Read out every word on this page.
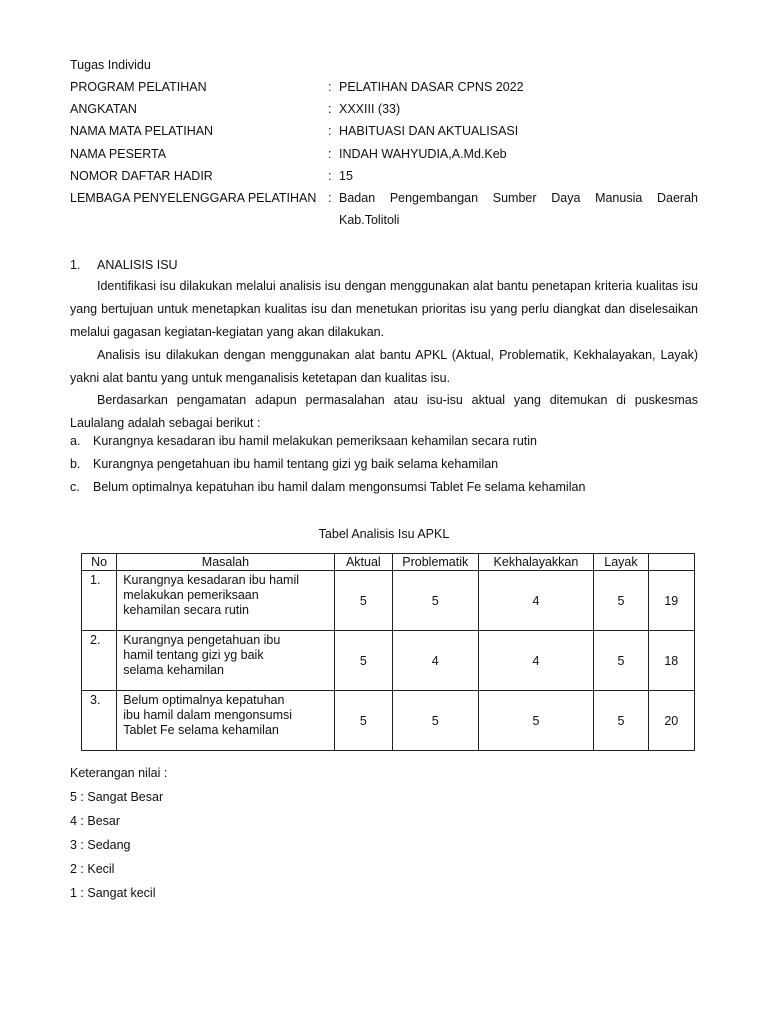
Tugas Individu
PROGRAM PELATIHAN	: PELATIHAN DASAR CPNS 2022
ANGKATAN	: XXXIII (33)
NAMA MATA PELATIHAN	: HABITUASI DAN AKTUALISASI
NAMA PESERTA	: INDAH WAHYUDIA,A.Md.Keb
NOMOR DAFTAR HADIR	: 15
LEMBAGA PENYELENGGARA PELATIHAN : Badan Pengembangan Sumber Daya Manusia Daerah
Kab.Tolitoli
1. ANALISIS ISU

Identifikasi isu dilakukan melalui analisis isu dengan menggunakan alat bantu penetapan kriteria kualitas isu yang bertujuan untuk menetapkan kualitas isu dan menetukan prioritas isu yang perlu diangkat dan diselesaikan melalui gagasan kegiatan-kegiatan yang akan dilakukan.

Analisis isu dilakukan dengan menggunakan alat bantu APKL (Aktual, Problematik, Kekhalayakan, Layak) yakni alat bantu yang untuk menganalisis ketetapan dan kualitas isu.

Berdasarkan pengamatan adapun permasalahan atau isu-isu aktual yang ditemukan di puskesmas Laulalang adalah sebagai berikut :

a. Kurangnya kesadaran ibu hamil melakukan pemeriksaan kehamilan secara rutin
b. Kurangnya pengetahuan ibu hamil tentang gizi yg baik selama kehamilan
c. Belum optimalnya kepatuhan ibu hamil dalam mengonsumsi Tablet Fe selama kehamilan
Tabel Analisis Isu APKL
No	Masalah	Aktual	Problematik	Kekhalayakkan	Layak	
1.	Kurangnya kesadaran ibu hamil
melakukan pemeriksaan
kehamilan secara rutin	5	5	4	5	19
2.	Kurangnya pengetahuan ibu
hamil tentang gizi yg baik
selama kehamilan	5	4	4	5	18
3.	Belum optimalnya kepatuhan
ibu hamil dalam mengonsumsi
Tablet Fe selama kehamilan	5	5	5	5	20
Keterangan nilai :
5 : Sangat Besar
4 : Besar
3 : Sedang
2 : Kecil
1 : Sangat kecil
